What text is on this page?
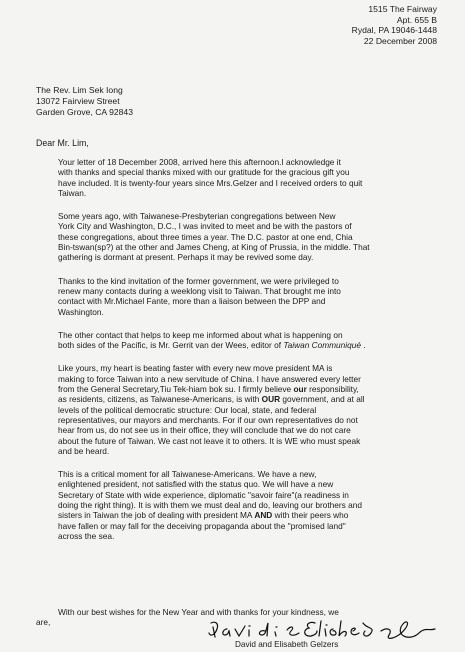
1515 The Fairway
Apt. 655 B
Rydal, PA 19046-1448
22 December 2008
The Rev. Lim Sek Iong
13072 Fairview Street
Garden Grove, CA 92843
Dear Mr. Lim,
Your letter of 18 December 2008, arrived here this afternoon.I acknowledge it
with thanks and special thanks mixed with our gratitude for the gracious gift you
have included. It is twenty-four years since Mrs.Gelzer and I received orders to quit
Taiwan.
Some years ago, with Taiwanese-Presbyterian congregations between New
York City and Washington, D.C., I was invited to meet and be with the pastors of
these congregations, about three times a year. The D.C. pastor at one end, Chia
Bin-tswan(sp?) at the other and James Cheng, at King of Prussia, in the middle. That
gathering is dormant at present. Perhaps it may be revived some day.
Thanks to the kind invitation of the former government, we were privileged to
renew many contacts during a weeklong visit to Taiwan. That brought me into
contact with Mr.Michael Fante, more than a liaison between the DPP and
Washington.
The other contact that helps to keep me informed about what is happening on
both sides of the Pacific, is Mr. Gerrit van der Wees, editor of Taiwan Communiqué .
Like yours, my heart is beating faster with every new move president MA is
making to force Taiwan into a new servitude of China. I have answered every letter
from the General Secretary,Tiu Tek-hiam bok su. I firmly believe our responsibility,
as residents, citizens, as Taiwanese-Americans, is with OUR government, and at all
levels of the political democratic structure: Our local, state, and federal
representatives, our mayors and merchants. For if our own representatives do not
hear from us, do not see us in their office, they will conclude that we do not care
about the future of Taiwan. We cast not leave it to others. It is WE who must speak
and be heard.
This is a critical moment for all Taiwanese-Americans. We have a new,
enlightened president, not satisfied with the status quo. We will have a new
Secretary of State with wide experience, diplomatic "savoir faire"(a readiness in
doing the right thing). It is with them we must deal and do, leaving our brothers and
sisters in Taiwan the job of dealing with president MA AND with their peers who
have fallen or may fall for the deceiving propaganda about the "promised land"
across the sea.
With our best wishes for the New Year and with thanks for your kindness, we
are,
David and Elisabeth Gelzers
